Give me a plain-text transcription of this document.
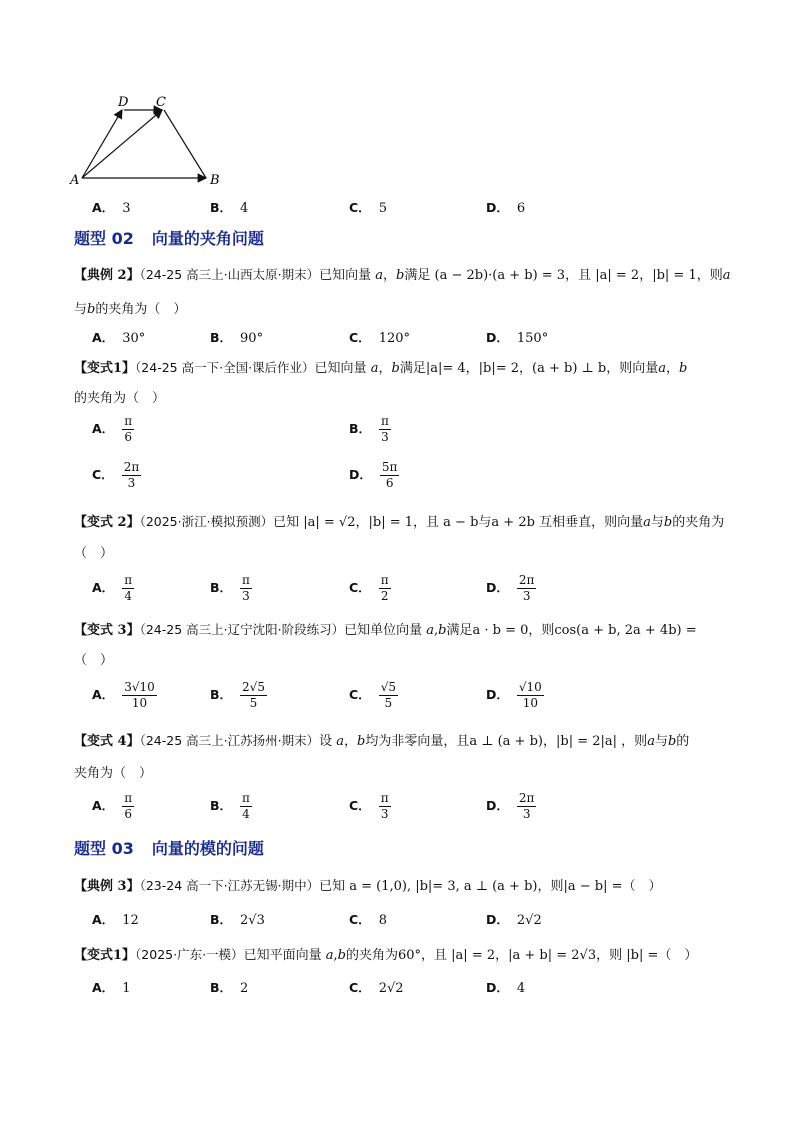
A	B
C
D
A． 3	B． 4	C． 5	D． 6
题型 02 向量的夹角问题
【典例 2】（24-25 高三上·山西太原·期末）已知向量 a，b满足 (a − 2b)·(a + b) = 3，且 |a| = 2，|b| = 1，则a
与b的夹角为（　）
A． 30°	B． 90°	C． 120°	D． 150°
【变式1】（24-25 高一下·全国·课后作业）已知向量 a，b满足|a|= 4，|b|= 2，(a + b) ⊥ b，则向量a，b
的夹角为（　）
A． $\frac{\pi}{6}$	B． $\frac{\pi}{3}$
C． $\frac{2\pi}{3}$	D． $\frac{5\pi}{6}$
【变式 2】（2025·浙江·模拟预测）已知 |a| = √2，|b| = 1，且 a − b与a + 2b 互相垂直，则向量a与b的夹角为
（　）
A． $\frac{\pi}{4}$	B． $\frac{\pi}{3}$	C． $\frac{\pi}{2}$	D． $\frac{2\pi}{3}$
【变式 3】（24-25 高三上·辽宁沈阳·阶段练习）已知单位向量 a,b满足a · b = 0，则cos(a + b, 2a + 4b) =
（　）
A． $\frac{3√10}{10}$	B． $\frac{2√5}{5}$	C． $\frac{√5}{5}$	D． $\frac{√10}{10}$
【变式 4】（24-25 高三上·江苏扬州·期末）设 a，b均为非零向量，且a ⊥ (a + b)，|b| = 2|a| ，则a与b的
夹角为（　）
A． $\frac{\pi}{6}$	B． $\frac{\pi}{4}$	C． $\frac{\pi}{3}$	D． $\frac{2\pi}{3}$
题型 03 向量的模的问题
【典例 3】（23-24 高一下·江苏无锡·期中）已知 a = (1,0), |b|= 3, a ⊥ (a + b)，则|a − b| =（　）
A． 12	B． 2√3	C． 8	D． 2√2
【变式1】（2025·广东·一模）已知平面向量 a,b的夹角为60°，且 |a| = 2，|a + b| = 2√3，则 |b| =（　）
A． 1	B． 2	C． 2√2	D． 4
